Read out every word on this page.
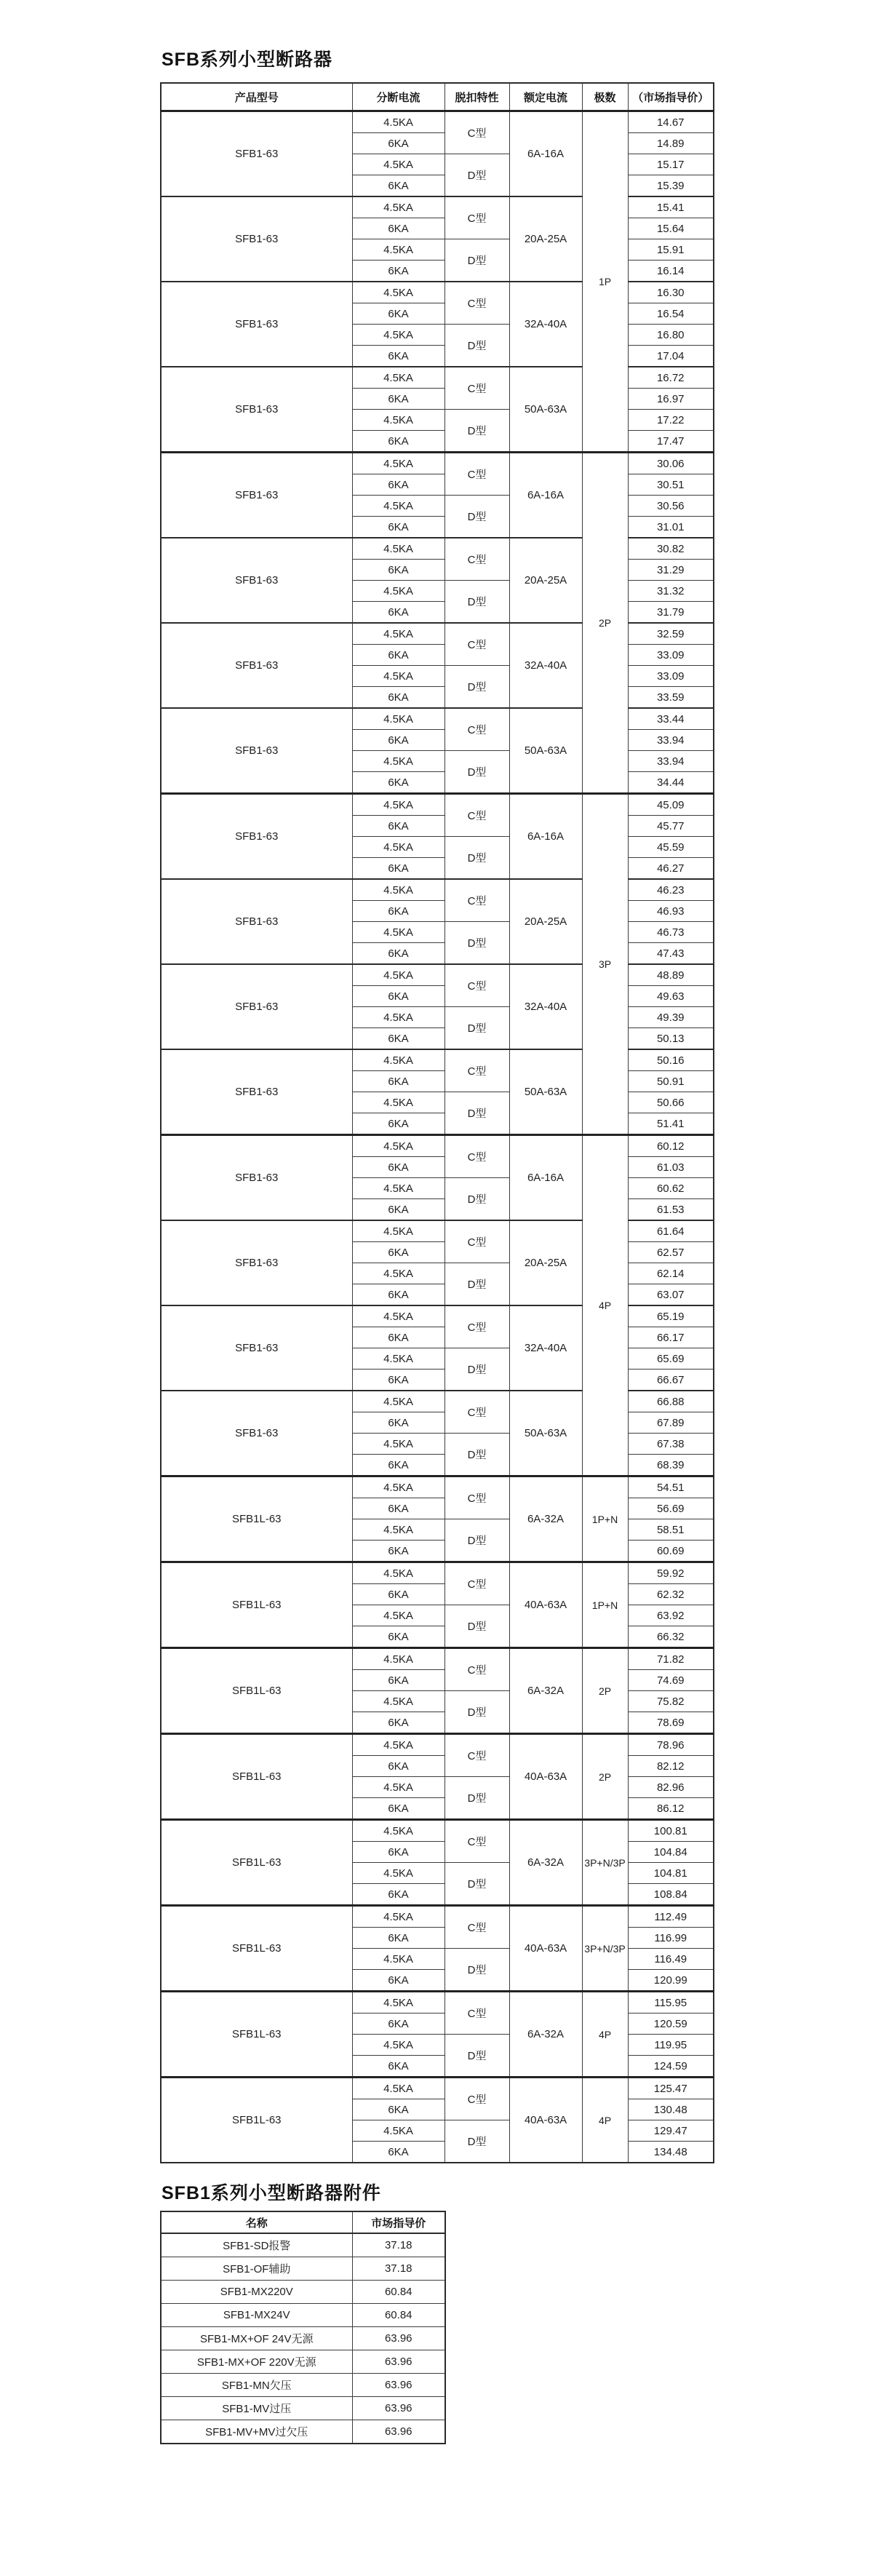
SFB系列小型断路器
产品型号	分断电流	脱扣特性	额定电流	极数	（市场指导价）
SFB1-63	4.5KA	C型	6A-16A	1P	14.67
	6KA				14.89
	4.5KA	D型			15.17
	6KA				15.39
SFB1-63	4.5KA	C型	20A-25A		15.41
	6KA				15.64
	4.5KA	D型			15.91
	6KA				16.14
SFB1-63	4.5KA	C型	32A-40A		16.30
	6KA				16.54
	4.5KA	D型			16.80
	6KA				17.04
SFB1-63	4.5KA	C型	50A-63A		16.72
	6KA				16.97
	4.5KA	D型			17.22
	6KA				17.47
SFB1-63	4.5KA	C型	6A-16A	2P	30.06
	6KA				30.51
	4.5KA	D型			30.56
	6KA				31.01
SFB1-63	4.5KA	C型	20A-25A		30.82
	6KA				31.29
	4.5KA	D型			31.32
	6KA				31.79
SFB1-63	4.5KA	C型	32A-40A		32.59
	6KA				33.09
	4.5KA	D型			33.09
	6KA				33.59
SFB1-63	4.5KA	C型	50A-63A		33.44
	6KA				33.94
	4.5KA	D型			33.94
	6KA				34.44
SFB1-63	4.5KA	C型	6A-16A	3P	45.09
	6KA				45.77
	4.5KA	D型			45.59
	6KA				46.27
SFB1-63	4.5KA	C型	20A-25A		46.23
	6KA				46.93
	4.5KA	D型			46.73
	6KA				47.43
SFB1-63	4.5KA	C型	32A-40A		48.89
	6KA				49.63
	4.5KA	D型			49.39
	6KA				50.13
SFB1-63	4.5KA	C型	50A-63A		50.16
	6KA				50.91
	4.5KA	D型			50.66
	6KA				51.41
SFB1-63	4.5KA	C型	6A-16A	4P	60.12
	6KA				61.03
	4.5KA	D型			60.62
	6KA				61.53
SFB1-63	4.5KA	C型	20A-25A		61.64
	6KA				62.57
	4.5KA	D型			62.14
	6KA				63.07
SFB1-63	4.5KA	C型	32A-40A		65.19
	6KA				66.17
	4.5KA	D型			65.69
	6KA				66.67
SFB1-63	4.5KA	C型	50A-63A		66.88
	6KA				67.89
	4.5KA	D型			67.38
	6KA				68.39
SFB1L-63	4.5KA	C型	6A-32A	1P+N	54.51
	6KA				56.69
	4.5KA	D型			58.51
	6KA				60.69
SFB1L-63	4.5KA	C型	40A-63A	1P+N	59.92
	6KA				62.32
	4.5KA	D型			63.92
	6KA				66.32
SFB1L-63	4.5KA	C型	6A-32A	2P	71.82
	6KA				74.69
	4.5KA	D型			75.82
	6KA				78.69
SFB1L-63	4.5KA	C型	40A-63A	2P	78.96
	6KA				82.12
	4.5KA	D型			82.96
	6KA				86.12
SFB1L-63	4.5KA	C型	6A-32A	3P+N/3P	100.81
	6KA				104.84
	4.5KA	D型			104.81
	6KA				108.84
SFB1L-63	4.5KA	C型	40A-63A	3P+N/3P	112.49
	6KA				116.99
	4.5KA	D型			116.49
	6KA				120.99
SFB1L-63	4.5KA	C型	6A-32A	4P	115.95
	6KA				120.59
	4.5KA	D型			119.95
	6KA				124.59
SFB1L-63	4.5KA	C型	40A-63A	4P	125.47
	6KA				130.48
	4.5KA	D型			129.47
	6KA				134.48
SFB1系列小型断路器附件
名称	市场指导价
SFB1-SD报警	37.18
SFB1-OF辅助	37.18
SFB1-MX220V	60.84
SFB1-MX24V	60.84
SFB1-MX+OF 24V无源	63.96
SFB1-MX+OF 220V无源	63.96
SFB1-MN欠压	63.96
SFB1-MV过压	63.96
SFB1-MV+MV过欠压	63.96
